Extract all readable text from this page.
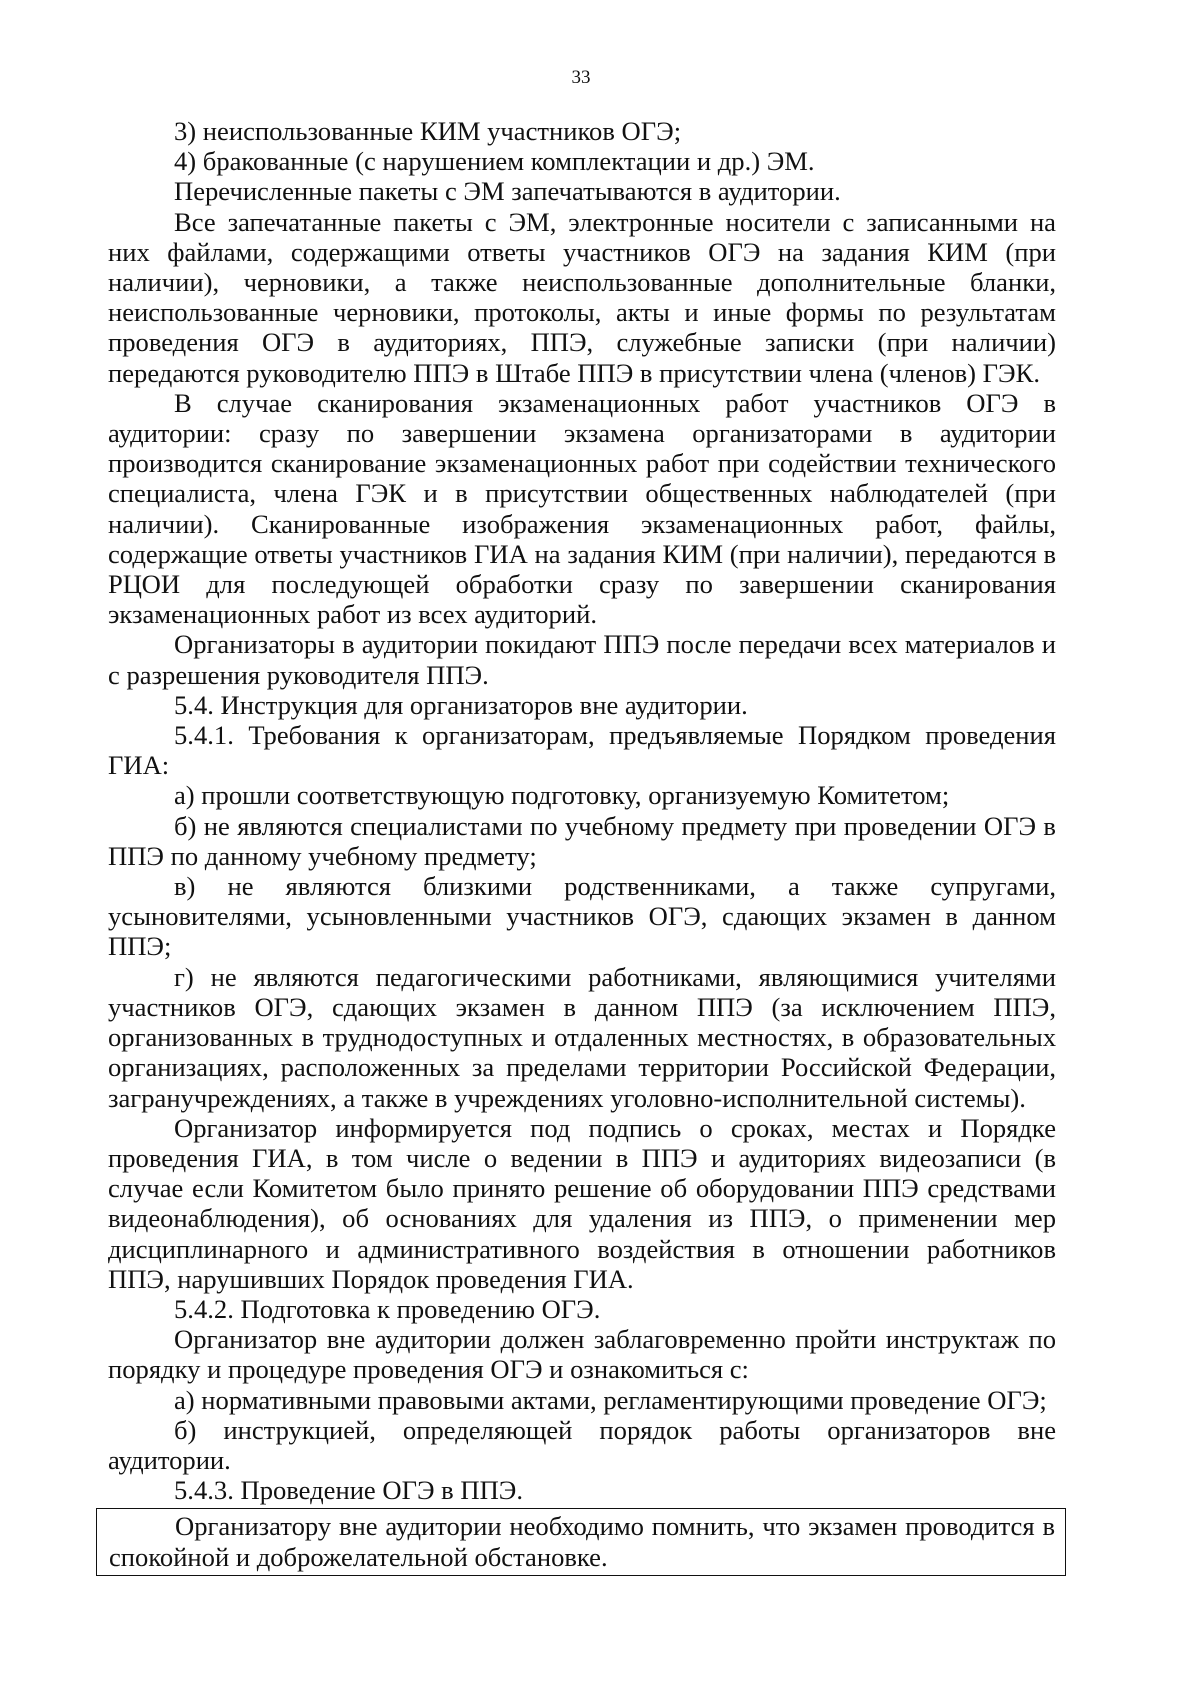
33

3) неиспользованные КИМ участников ОГЭ;

4) бракованные (с нарушением комплектации и др.) ЭМ.

Перечисленные пакеты с ЭМ запечатываются в аудитории.

Все запечатанные пакеты с ЭМ, электронные носители с записанными на них файлами, содержащими ответы участников ОГЭ на задания КИМ (при наличии), черновики, а также неиспользованные дополнительные бланки, неиспользованные черновики, протоколы, акты и иные формы по результатам проведения ОГЭ в аудиториях, ППЭ, служебные записки (при наличии) передаются руководителю ППЭ в Штабе ППЭ в присутствии члена (членов) ГЭК.

В случае сканирования экзаменационных работ участников ОГЭ в аудитории: сразу по завершении экзамена организаторами в аудитории производится сканирование экзаменационных работ при содействии технического специалиста, члена ГЭК и в присутствии общественных наблюдателей (при наличии). Сканированные изображения экзаменационных работ, файлы, содержащие ответы участников ГИА на задания КИМ (при наличии), передаются в РЦОИ для последующей обработки сразу по завершении сканирования экзаменационных работ из всех аудиторий.

Организаторы в аудитории покидают ППЭ после передачи всех материалов и с разрешения руководителя ППЭ.

5.4. Инструкция для организаторов вне аудитории.

5.4.1. Требования к организаторам, предъявляемые Порядком проведения ГИА:

а) прошли соответствующую подготовку, организуемую Комитетом;

б) не являются специалистами по учебному предмету при проведении ОГЭ в ППЭ по данному учебному предмету;

в) не являются близкими родственниками, а также супругами, усыновителями, усыновленными участников ОГЭ, сдающих экзамен в данном ППЭ;

г) не являются педагогическими работниками, являющимися учителями участников ОГЭ, сдающих экзамен в данном ППЭ (за исключением ППЭ, организованных в труднодоступных и отдаленных местностях, в образовательных организациях, расположенных за пределами территории Российской Федерации, загранучреждениях, а также в учреждениях уголовно-исполнительной системы).

Организатор информируется под подпись о сроках, местах и Порядке проведения ГИА, в том числе о ведении в ППЭ и аудиториях видеозаписи (в случае если Комитетом было принято решение об оборудовании ППЭ средствами видеонаблюдения), об основаниях для удаления из ППЭ, о применении мер дисциплинарного и административного воздействия в отношении работников ППЭ, нарушивших Порядок проведения ГИА.

5.4.2. Подготовка к проведению ОГЭ.

Организатор вне аудитории должен заблаговременно пройти инструктаж по порядку и процедуре проведения ОГЭ и ознакомиться с:

а) нормативными правовыми актами, регламентирующими проведение ОГЭ;

б) инструкцией, определяющей порядок работы организаторов вне аудитории.

5.4.3. Проведение ОГЭ в ППЭ.

Организатору вне аудитории необходимо помнить, что экзамен проводится в спокойной и доброжелательной обстановке.
